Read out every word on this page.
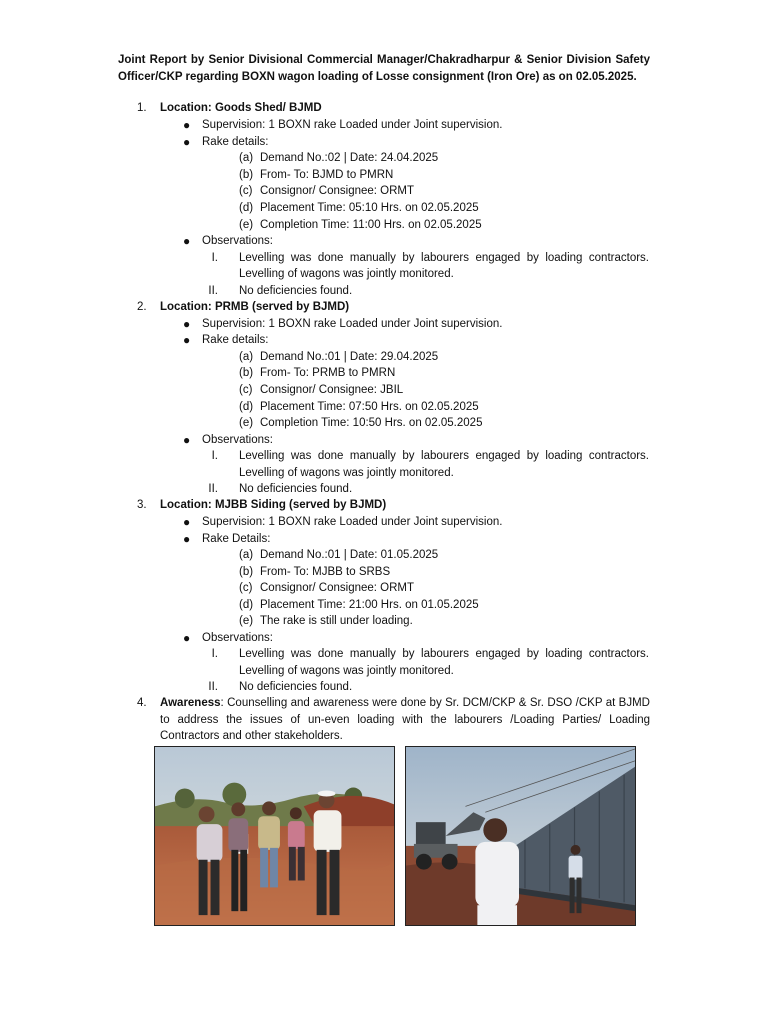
Joint Report by Senior Divisional Commercial Manager/Chakradharpur & Senior Division Safety Officer/CKP regarding BOXN wagon loading of Losse consignment (Iron Ore) as on 02.05.2025.

1. Location: Goods Shed/ BJMD
● Supervision: 1 BOXN rake Loaded under Joint supervision.
● Rake details:
(a) Demand No.:02 | Date: 24.04.2025
(b) From- To: BJMD to PMRN
(c) Consignor/ Consignee: ORMT
(d) Placement Time: 05:10 Hrs. on 02.05.2025
(e) Completion Time: 11:00 Hrs. on 02.05.2025
● Observations:
I. Levelling was done manually by labourers engaged by loading contractors.
Levelling of wagons was jointly monitored.
II. No deficiencies found.
2. Location: PRMB (served by BJMD)
● Supervision: 1 BOXN rake Loaded under Joint supervision.
● Rake details:
(a) Demand No.:01 | Date: 29.04.2025
(b) From- To: PRMB to PMRN
(c) Consignor/ Consignee: JBIL
(d) Placement Time: 07:50 Hrs. on 02.05.2025
(e) Completion Time: 10:50 Hrs. on 02.05.2025
● Observations:
I. Levelling was done manually by labourers engaged by loading contractors.
Levelling of wagons was jointly monitored.
II. No deficiencies found.
3. Location: MJBB Siding (served by BJMD)
● Supervision: 1 BOXN rake Loaded under Joint supervision.
● Rake Details:
(a) Demand No.:01 | Date: 01.05.2025
(b) From- To: MJBB to SRBS
(c) Consignor/ Consignee: ORMT
(d) Placement Time: 21:00 Hrs. on 01.05.2025
(e) The rake is still under loading.
● Observations:
I. Levelling was done manually by labourers engaged by loading contractors.
Levelling of wagons was jointly monitored.
II. No deficiencies found.
4. Awareness: Counselling and awareness were done by Sr. DCM/CKP & Sr. DSO /CKP at BJMD to address the issues of un-even loading with the labourers /Loading Parties/ Loading Contractors and other stakeholders.
